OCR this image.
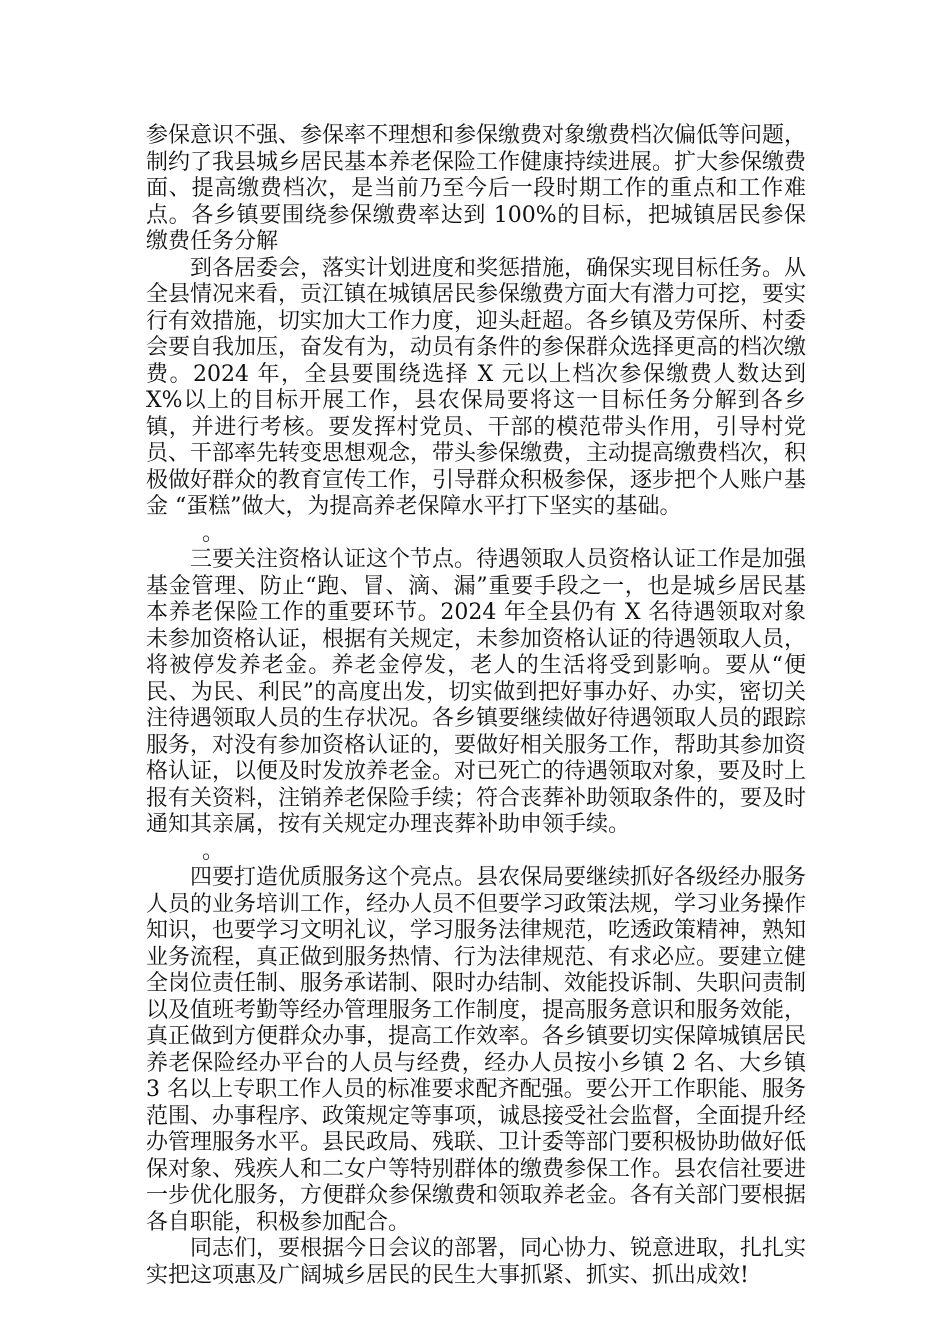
参保意识不强、参保率不理想和参保缴费对象缴费档次偏低等问题，制约了我县城乡居民基本养老保险工作健康持续进展。扩大参保缴费面、提高缴费档次，是当前乃至今后一段时期工作的重点和工作难点。各乡镇要围绕参保缴费率达到 100%的目标，把城镇居民参保缴费任务分解

到各居委会，落实计划进度和奖惩措施，确保实现目标任务。从全县情况来看，贡江镇在城镇居民参保缴费方面大有潜力可挖，要实行有效措施，切实加大工作力度，迎头赶超。各乡镇及劳保所、村委会要自我加压，奋发有为，动员有条件的参保群众选择更高的档次缴费。2024 年，全县要围绕选择 X 元以上档次参保缴费人数达到 X%以上的目标开展工作，县农保局要将这一目标任务分解到各乡镇，并进行考核。要发挥村党员、干部的模范带头作用，引导村党员、干部率先转变思想观念，带头参保缴费，主动提高缴费档次，积极做好群众的教育宣传工作，引导群众积极参保，逐步把个人账户基金 “蛋糕”做大，为提高养老保障水平打下坚实的基础。

。

三要关注资格认证这个节点。待遇领取人员资格认证工作是加强基金管理、防止“跑、冒、滴、漏”重要手段之一，也是城乡居民基本养老保险工作的重要环节。2024 年全县仍有 X 名待遇领取对象未参加资格认证，根据有关规定，未参加资格认证的待遇领取人员，将被停发养老金。养老金停发，老人的生活将受到影响。要从“便民、为民、利民”的高度出发，切实做到把好事办好、办实，密切关注待遇领取人员的生存状况。各乡镇要继续做好待遇领取人员的跟踪服务，对没有参加资格认证的，要做好相关服务工作，帮助其参加资格认证，以便及时发放养老金。对已死亡的待遇领取对象，要及时上报有关资料，注销养老保险手续；符合丧葬补助领取条件的，要及时通知其亲属，按有关规定办理丧葬补助申领手续。

。

四要打造优质服务这个亮点。县农保局要继续抓好各级经办服务人员的业务培训工作，经办人员不但要学习政策法规，学习业务操作知识，也要学习文明礼议，学习服务法律规范，吃透政策精神，熟知业务流程，真正做到服务热情、行为法律规范、有求必应。要建立健全岗位责任制、服务承诺制、限时办结制、效能投诉制、失职问责制以及值班考勤等经办管理服务工作制度，提高服务意识和服务效能，真正做到方便群众办事，提高工作效率。各乡镇要切实保障城镇居民养老保险经办平台的人员与经费，经办人员按小乡镇 2 名、大乡镇 3 名以上专职工作人员的标准要求配齐配强。要公开工作职能、服务范围、办事程序、政策规定等事项，诚恳接受社会监督，全面提升经办管理服务水平。县民政局、残联、卫计委等部门要积极协助做好低保对象、残疾人和二女户等特别群体的缴费参保工作。县农信社要进一步优化服务，方便群众参保缴费和领取养老金。各有关部门要根据各自职能，积极参加配合。

同志们，要根据今日会议的部署，同心协力、锐意进取，扎扎实实把这项惠及广阔城乡居民的民生大事抓紧、抓实、抓出成效!
